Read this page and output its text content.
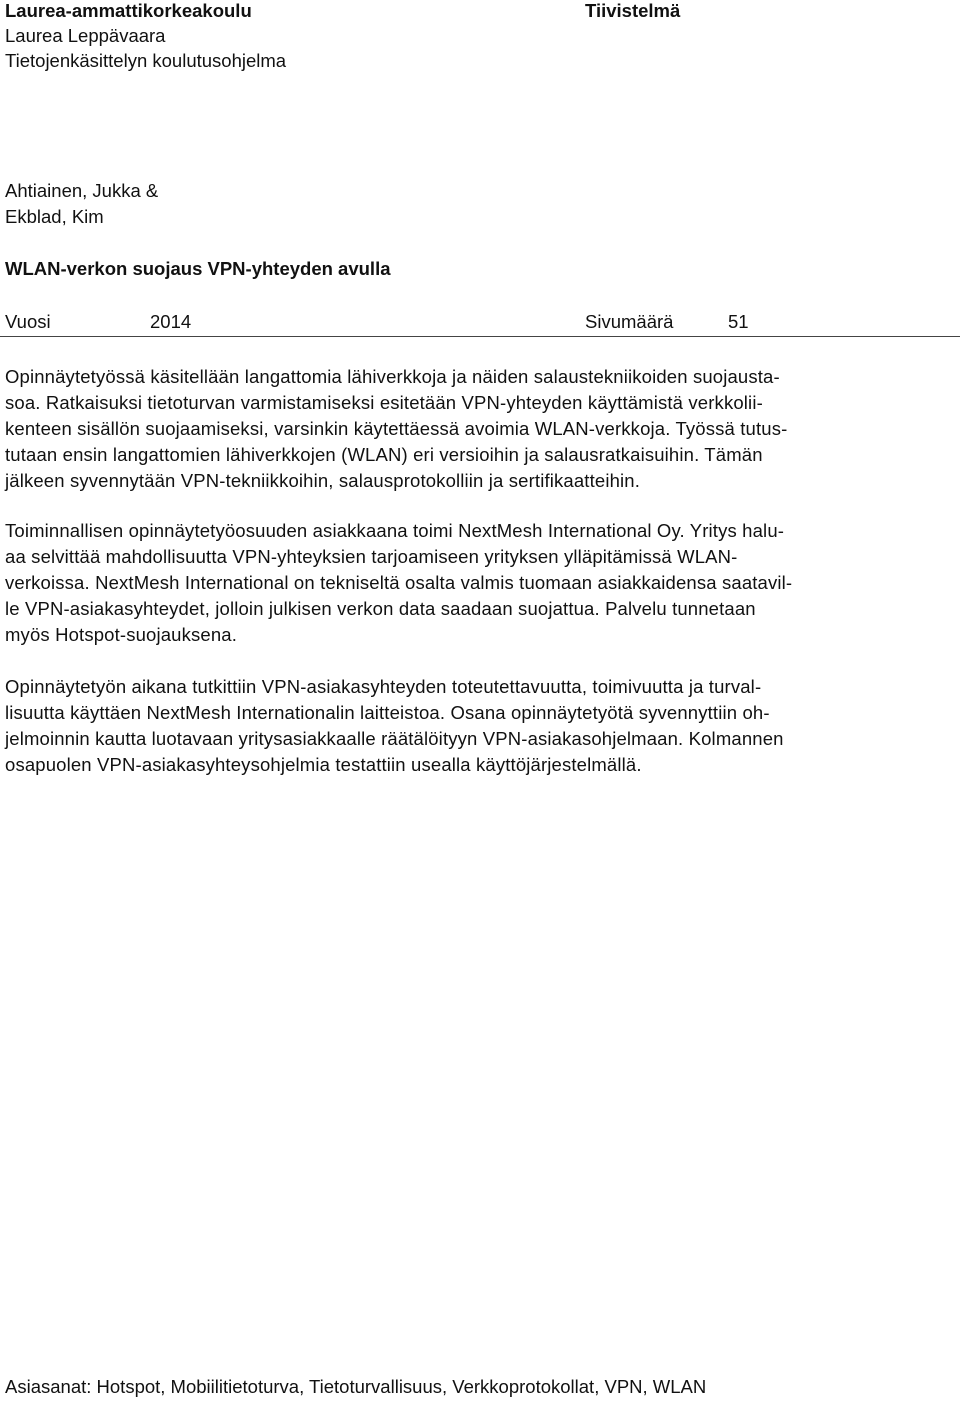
Laurea-ammattikorkeakoulu
Laurea Leppävaara
Tietojenkäsittelyn koulutusohjelma
Tiivistelmä
Ahtiainen, Jukka &
Ekblad, Kim
WLAN-verkon suojaus VPN-yhteyden avulla
Vuosi	2014	Sivumäärä	51
Opinnäytetyössä käsitellään langattomia lähiverkkoja ja näiden salaustekniikoiden suojausta-
soa. Ratkaisuksi tietoturvan varmistamiseksi esitetään VPN-yhteyden käyttämistä verkkolii-
kenteen sisällön suojaamiseksi, varsinkin käytettäessä avoimia WLAN-verkkoja. Työssä tutus-
tutaan ensin langattomien lähiverkkojen (WLAN) eri versioihin ja salausratkaisuihin. Tämän
jälkeen syvennytään VPN-tekniikkoihin, salausprotokolliin ja sertifikaatteihin.
Toiminnallisen opinnäytetyöosuuden asiakkaana toimi NextMesh International Oy. Yritys halu-
aa selvittää mahdollisuutta VPN-yhteyksien tarjoamiseen yrityksen ylläpitämissä WLAN-
verkoissa. NextMesh International on tekniseltä osalta valmis tuomaan asiakkaidensa saatavil-
le VPN-asiakasyhteydet, jolloin julkisen verkon data saadaan suojattua. Palvelu tunnetaan
myös Hotspot-suojauksena.
Opinnäytetyön aikana tutkittiin VPN-asiakasyhteyden toteutettavuutta, toimivuutta ja turval-
lisuutta käyttäen NextMesh Internationalin laitteistoa. Osana opinnäytetyötä syvennyttiin oh-
jelmoinnin kautta luotavaan yritysasiakkaalle räätälöityyn VPN-asiakasohjelmaan. Kolmannen
osapuolen VPN-asiakasyhteysohjelmia testattiin usealla käyttöjärjestelmällä.
Asiasanat: Hotspot, Mobiilitietoturva, Tietoturvallisuus, Verkkoprotokollat, VPN, WLAN
